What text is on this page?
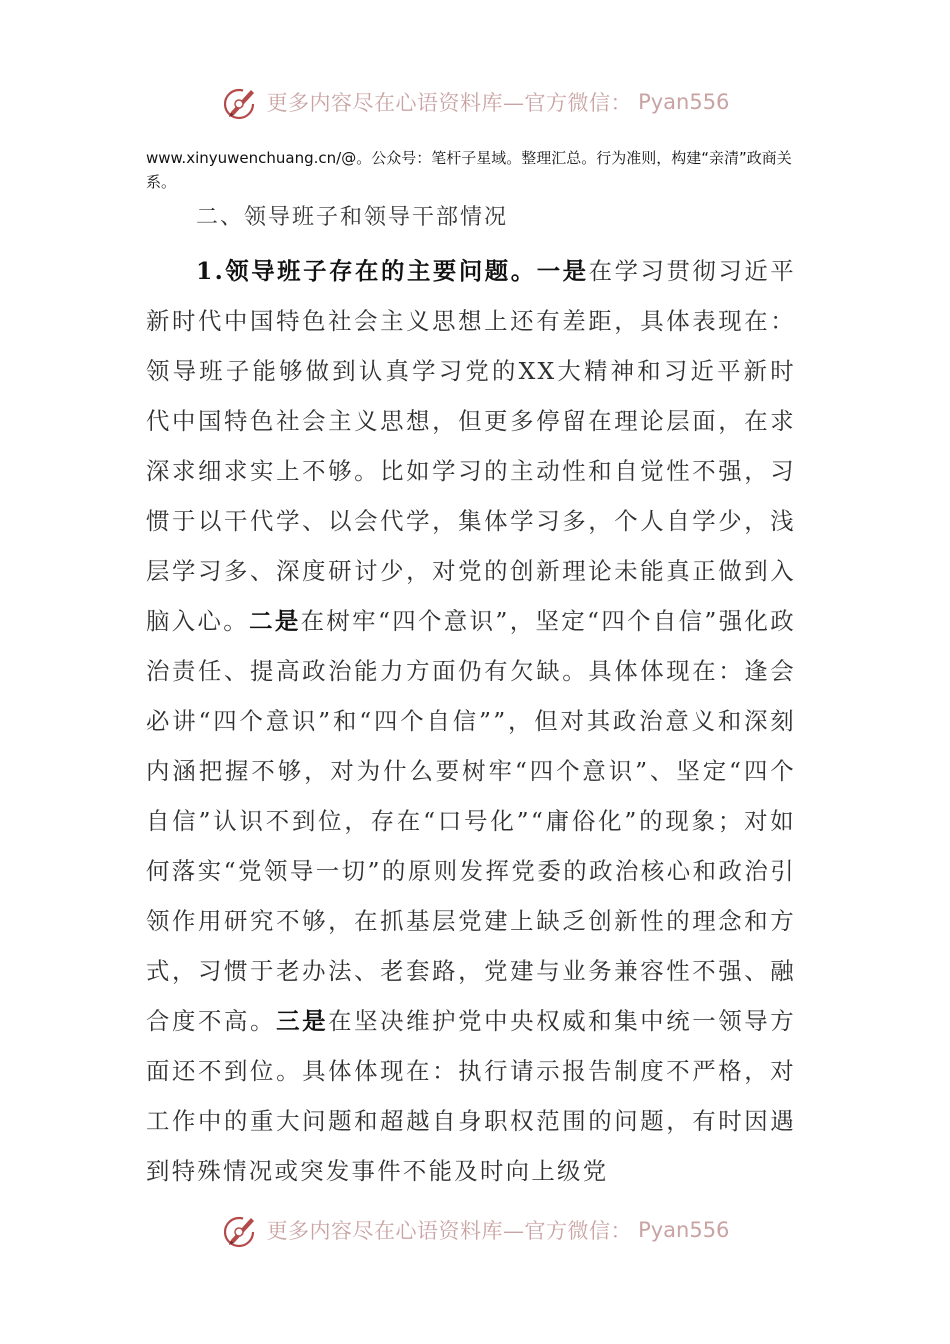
更多内容尽在心语资料库—官方微信： Pyan556
www.xinyuwenchuang.cn/@。公众号：笔杆子星域。整理汇总。行为准则，构建“亲清”政商关系。
二、领导班子和领导干部情况
1.领导班子存在的主要问题。一是在学习贯彻习近平新时代中国特色社会主义思想上还有差距，具体表现在：领导班子能够做到认真学习党的XX大精神和习近平新时代中国特色社会主义思想，但更多停留在理论层面，在求深求细求实上不够。比如学习的主动性和自觉性不强，习惯于以干代学、以会代学，集体学习多，个人自学少，浅层学习多、深度研讨少，对党的创新理论未能真正做到入脑入心。二是在树牢“四个意识”，坚定“四个自信”强化政治责任、提高政治能力方面仍有欠缺。具体体现在：逢会必讲“四个意识”和“四个自信””，但对其政治意义和深刻内涵把握不够，对为什么要树牢“四个意识”、坚定“四个自信”认识不到位，存在“口号化”“庸俗化”的现象；对如何落实“党领导一切”的原则发挥党委的政治核心和政治引领作用研究不够，在抓基层党建上缺乏创新性的理念和方式，习惯于老办法、老套路，党建与业务兼容性不强、融合度不高。三是在坚决维护党中央权威和集中统一领导方面还不到位。具体体现在：执行请示报告制度不严格，对工作中的重大问题和超越自身职权范围的问题，有时因遇到特殊情况或突发事件不能及时向上级党
更多内容尽在心语资料库—官方微信： Pyan556
